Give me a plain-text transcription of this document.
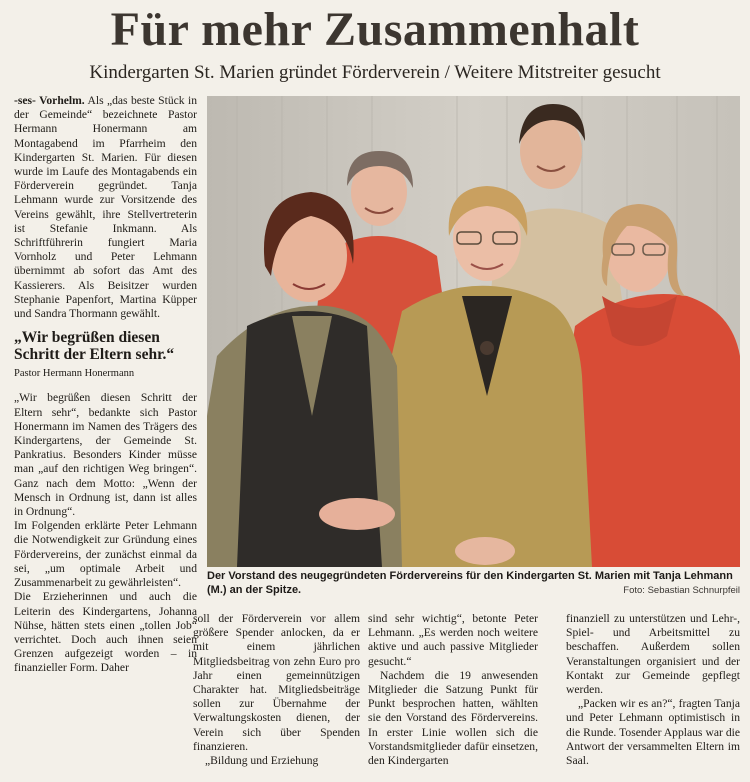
Für mehr Zusammenhalt
Kindergarten St. Marien gründet Förderverein / Weitere Mitstreiter gesucht

-ses- Vorhelm. Als „das beste Stück in der Gemeinde“ bezeichnete Pastor Hermann Honermann am Montagabend im Pfarrheim den Kindergarten St. Marien. Für diesen wurde im Laufe des Montagabends ein Förderverein gegründet. Tanja Lehmann wurde zur Vorsitzende des Vereins gewählt, ihre Stellvertreterin ist Stefanie Inkmann. Als Schriftführerin fungiert Maria Vornholz und Peter Lehmann übernimmt ab sofort das Amt des Kassierers. Als Beisitzer wurden Stephanie Papenfort, Martina Küpper und Sandra Thormann gewählt.

„Wir begrüßen diesen Schritt der Eltern sehr.“
Pastor Hermann Honermann

„Wir begrüßen diesen Schritt der Eltern sehr“, bedankte sich Pastor Honermann im Namen des Trägers des Kindergartens, der Gemeinde St. Pankratius. Besonders Kinder müsse man „auf den richtigen Weg bringen“. Ganz nach dem Motto: „Wenn der Mensch in Ordnung ist, dann ist alles in Ordnung“.

Im Folgenden erklärte Peter Lehmann die Notwendigkeit zur Gründung eines Fördervereins, der zunächst einmal da sei, „um optimale Arbeit und Zusammenarbeit zu gewährleisten“.

Die Erzieherinnen und auch die Leiterin des Kindergartens, Johanna Nühse, hätten stets einen „tollen Job“ verrichtet. Doch auch ihnen seien Grenzen aufgezeigt worden – in finanzieller Form. Daher

Der Vorstand des neugegründeten Fördervereins für den Kindergarten St. Marien mit Tanja Lehmann (M.) an der Spitze.	Foto: Sebastian Schnurpfeil

soll der Förderverein vor allem größere Spender anlocken, da er mit einem jährlichen Mitgliedsbeitrag von zehn Euro pro Jahr einen gemeinnützigen Charakter hat. Mitgliedsbeiträge sollen zur Übernahme der Verwaltungskosten dienen, der Verein sich über Spenden finanzieren.

„Bildung und Erziehung

sind sehr wichtig“, betonte Peter Lehmann. „Es werden noch weitere aktive und auch passive Mitglieder gesucht.“

Nachdem die 19 anwesenden Mitglieder die Satzung Punkt für Punkt besprochen hatten, wählten sie den Vorstand des Fördervereins. In erster Linie wollen sich die Vorstandsmitglieder dafür einsetzen, den Kindergarten

finanziell zu unterstützen und Lehr-, Spiel- und Arbeitsmittel zu beschaffen. Außerdem sollen Veranstaltungen organisiert und der Kontakt zur Gemeinde gepflegt werden.

„Packen wir es an?“, fragten Tanja und Peter Lehmann optimistisch in die Runde. Tosender Applaus war die Antwort der versammelten Eltern im Saal.
